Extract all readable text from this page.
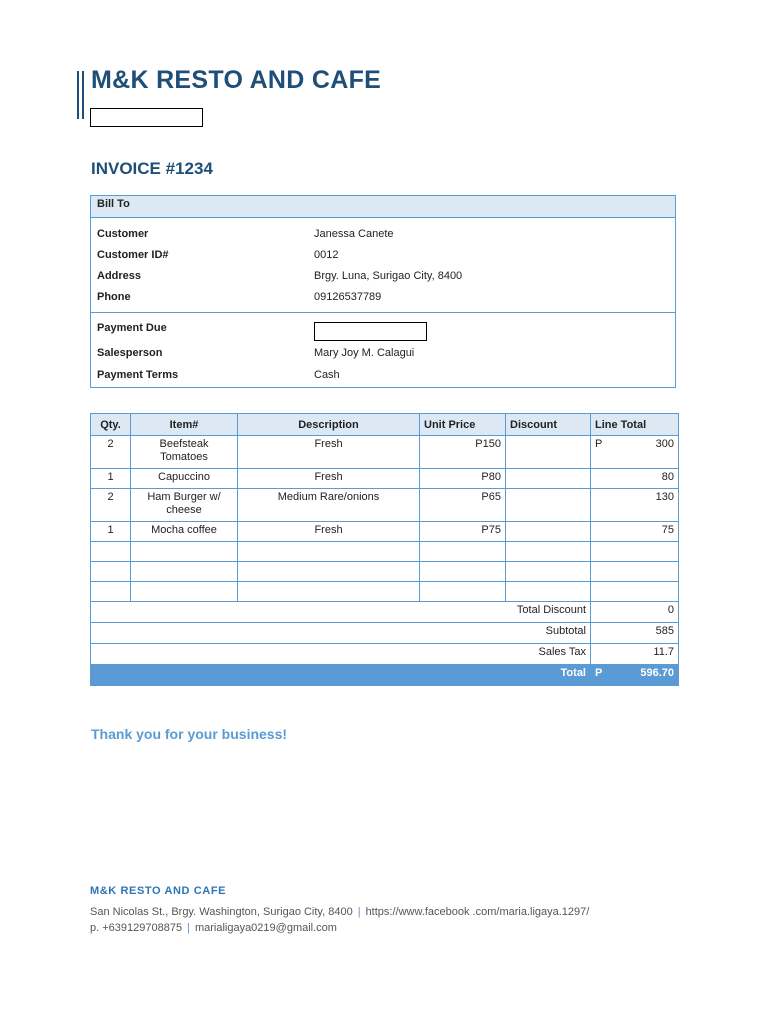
M&K RESTO AND CAFE
INVOICE #1234
Bill To
Customer	Janessa Canete
Customer ID#	0012
Address	Brgy. Luna, Surigao City, 8400
Phone	09126537789
Payment Due
Salesperson	Mary Joy M. Calagui
Payment Terms	Cash
Qty.	Item#	Description	Unit Price	Discount	Line Total
2	Beefsteak Tomatoes	Fresh	P150		P 300

1	Capuccino	Fresh	P80		80
2	Ham Burger w/ cheese	Medium Rare/onions	P65		130
1	Mocha coffee	Fresh	P75		75

Total Discount					0
Subtotal					585
Sales Tax					11.7
Total					P 596.70
Thank you for your business!
M&K RESTO AND CAFE
San Nicolas St., Brgy. Washington, Surigao City, 8400 | https://www.facebook .com/maria.ligaya.1297/
p. +639129708875 | marialigaya0219@gmail.com
